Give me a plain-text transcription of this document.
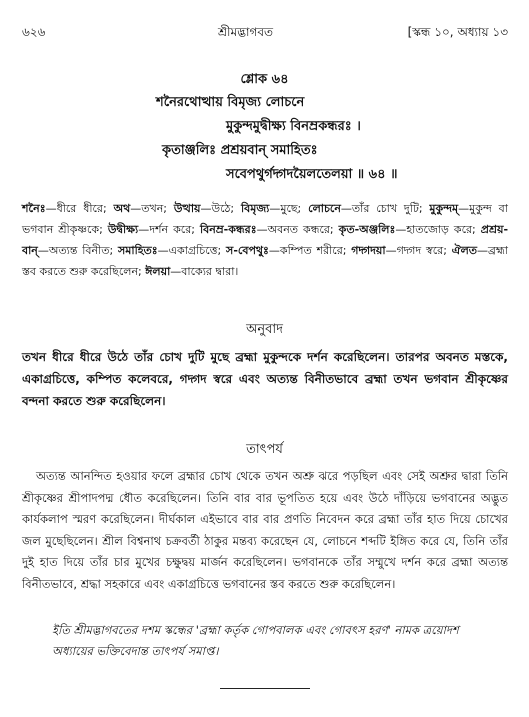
৬২৬	শ্রীমদ্ভাগবত	[স্কন্ধ ১০, অধ্যায় ১৩
শ্লোক ৬৪
শনৈরথোত্থায় বিমৃজ্য লোচনে
মুকুন্দমুদ্বীক্ষ্য বিনম্রকন্ধরঃ ।
কৃতাঞ্জলিঃ প্রশ্রয়বান্ সমাহিতঃ
সবেপথুর্গদ্গদয়ৈলতেলয়া ॥ ৬৪ ॥
শনৈঃ—ধীরে ধীরে; অথ—তখন; উত্থায়—উঠে; বিমৃজ্য—মুছে; লোচনে—তাঁর চোখ দুটি; মুকুন্দম্—মুকুন্দ বা ভগবান শ্রীকৃষ্ণকে; উদ্বীক্ষ্য—দর্শন করে; বিনম্র-কন্ধরঃ—অবনত কন্ধরে; কৃত-অঞ্জলিঃ—হাতজোড় করে; প্রশ্রয়-বান্—অত্যন্ত বিনীত; সমাহিতঃ—একাগ্রচিত্তে; স-বেপথুঃ—কম্পিত শরীরে; গদ্গদয়া—গদ্গদ স্বরে; ঐলত—ব্রহ্মা স্তব করতে শুরু করেছিলেন; ঈলয়া—বাক্যের দ্বারা।
অনুবাদ
তখন ধীরে ধীরে উঠে তাঁর চোখ দুটি মুছে ব্রহ্মা মুকুন্দকে দর্শন করেছিলেন। তারপর অবনত মস্তকে, একাগ্রচিত্তে, কম্পিত কলেবরে, গদ্গদ স্বরে এবং অত্যন্ত বিনীতভাবে ব্রহ্মা তখন ভগবান শ্রীকৃষ্ণের বন্দনা করতে শুরু করেছিলেন।
তাৎপর্য
অত্যন্ত আনন্দিত হওয়ার ফলে ব্রহ্মার চোখ থেকে তখন অশ্রু ঝরে পড়ছিল এবং সেই অশ্রুর দ্বারা তিনি শ্রীকৃষ্ণের শ্রীপাদপদ্ম ধৌত করেছিলেন। তিনি বার বার ভূপতিত হয়ে এবং উঠে দাঁড়িয়ে ভগবানের অদ্ভুত কার্যকলাপ স্মরণ করেছিলেন। দীর্ঘকাল এইভাবে বার বার প্রণতি নিবেদন করে ব্রহ্মা তাঁর হাত দিয়ে চোখের জল মুছেছিলেন। শ্রীল বিশ্বনাথ চক্রবর্তী ঠাকুর মন্তব্য করেছেন যে, লোচনে শব্দটি ইঙ্গিত করে যে, তিনি তাঁর দুই হাত দিয়ে তাঁর চার মুখের চক্ষুদ্বয় মার্জন করেছিলেন। ভগবানকে তাঁর সম্মুখে দর্শন করে ব্রহ্মা অত্যন্ত বিনীতভাবে, শ্রদ্ধা সহকারে এবং একাগ্রচিত্তে ভগবানের স্তব করতে শুরু করেছিলেন।
ইতি শ্রীমদ্ভাগবতের দশম স্কন্ধের 'ব্রহ্মা কর্তৃক গোপবালক এবং গোবৎস হরণ' নামক ত্রয়োদশ অধ্যায়ের ভক্তিবেদান্ত তাৎপর্য সমাপ্ত।
